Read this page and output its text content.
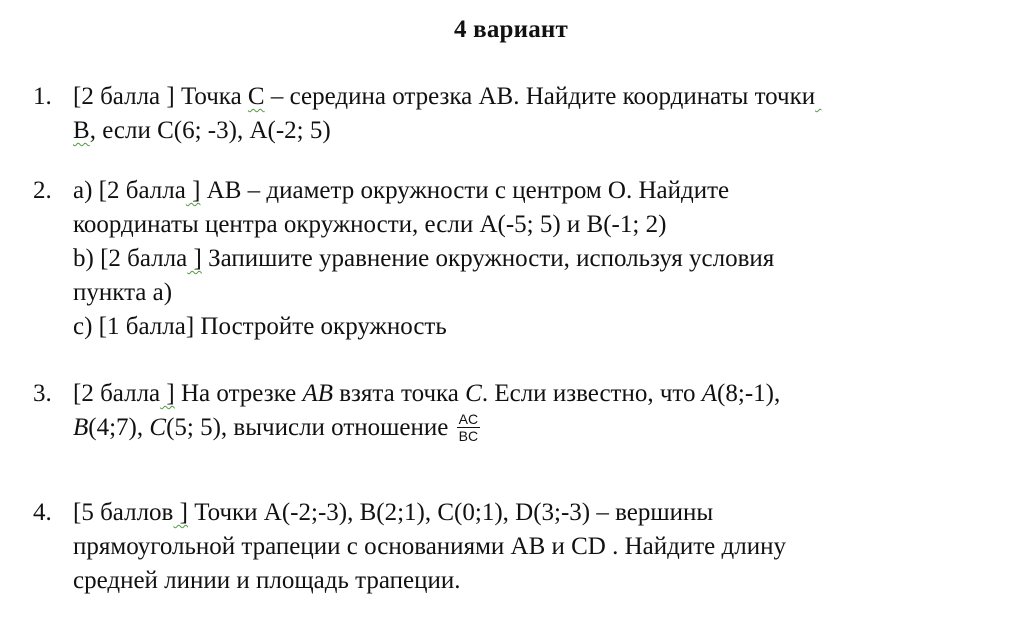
4 вариант
1. [2 балла ] Точка С – середина отрезка АВ. Найдите координаты точки
В, если С(6; -3), А(-2; 5)
2. а) [2 балла ] АВ – диаметр окружности с центром О. Найдите
координаты центра окружности, если А(-5; 5) и В(-1; 2)
b) [2 балла ] Запишите уравнение окружности, используя условия
пункта а)
с) [1 балла] Постройте окружность
3. [2 балла ] На отрезке АВ взята точка С. Если известно, что А(8;-1),
В(4;7), С(5; 5), вычисли отношение $\frac{AC}{BC}$
4. [5 баллов ] Точки А(-2;-3), В(2;1), С(0;1), D(3;-3) – вершины
прямоугольной трапеции с основаниями АВ и CD . Найдите длину
средней линии и площадь трапеции.
